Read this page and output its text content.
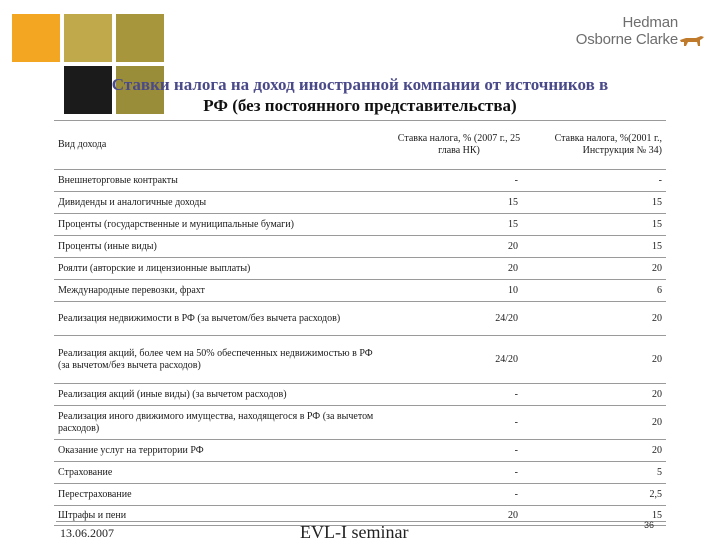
Hedman
Osborne Clarke
Ставки налога на доход иностранной компании от источников в
РФ (без постоянного представительства)
Вид дохода	Ставка налога, % (2007 г., 25 глава НК)	Ставка налога, %(2001 г., Инструкция № 34)
Внешнеторговые контракты	-	-
Дивиденды и аналогичные доходы	15	15
Проценты (государственные и муниципальные бумаги)	15	15
Проценты (иные виды)	20	15
Роялти (авторские и лицензионные выплаты)	20	20
Международные перевозки, фрахт	10	6
Реализация недвижимости в РФ (за вычетом/без вычета расходов)	24/20	20
Реализация акций, более чем на 50% обеспеченных недвижимостью в РФ (за вычетом/без вычета расходов)	24/20	20
Реализация акций (иные виды) (за вычетом расходов)	-	20
Реализация иного движимого имущества, находящегося в РФ (за вычетом расходов)	-	20
Оказание услуг на территории РФ	-	20
Страхование	-	5
Перестрахование	-	2,5
Штрафы и пени	20	15
13.06.2007	EVL-I seminar	36
